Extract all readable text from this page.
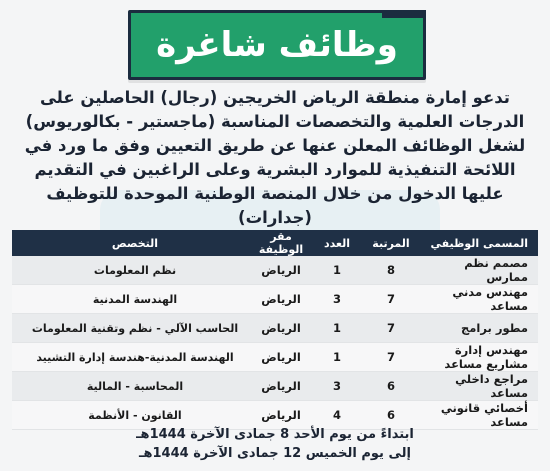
وظائف شاغرة
تدعو إمارة منطقة الرياض الخريجين (رجال) الحاصلين على الدرجات العلمية والتخصصات المناسبة (ماجستير - بكالوريوس) لشغل الوظائف المعلن عنها عن طريق التعيين وفق ما ورد في اللائحة التنفيذية للموارد البشرية وعلى الراغبين في التقديم عليها الدخول من خلال المنصة الوطنية الموحدة للتوظيف (جدارات)
المسمى الوظيفي
المرتبة
العدد
مقر الوظيفة
التخصص
مصمم نظم ممارس
8
1
الرياض
نظم المعلومات
مهندس مدني مساعد
7
3
الرياض
الهندسة المدنية
مطور برامج
7
1
الرياض
الحاسب الآلي - نظم وتقنية المعلومات
مهندس إدارة مشاريع مساعد
7
1
الرياض
الهندسة المدنية-هندسة إدارة التشييد
مراجع داخلي مساعد
6
3
الرياض
المحاسبة - المالية
أخصائي قانوني مساعد
6
4
الرياض
القانون - الأنظمة
ابتداءً من يوم الأحد 8 جمادى الآخرة 1444هـ
إلى يوم الخميس 12 جمادى الآخرة 1444هـ
